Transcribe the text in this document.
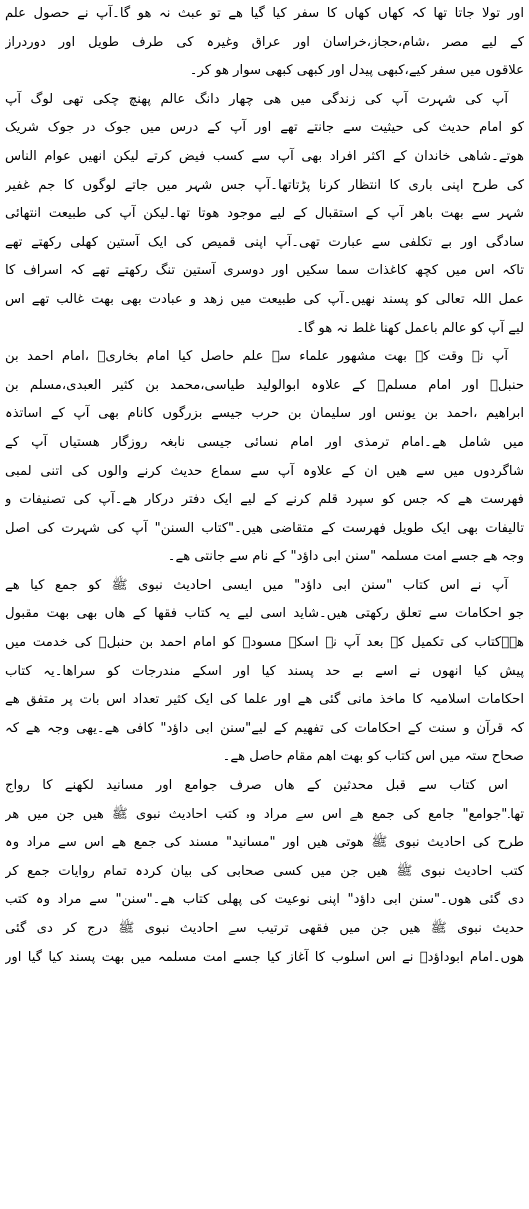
اور تولا جاتا تھا کہ کھاں کھاں کا سفر کیا گیا ھے تو عبث نہ ھو گا۔آپ نے حصول علم
کے لیے مصر ،شام،حجاز،خراسان اور عراق وغیرہ کی طرف طویل اور دوردراز
علاقوں میں سفر کیے،کبھی پیدل اور کبھی کبھی سوار ھو کر۔
آپ کی شہرت آپ کی زندگی میں ھی چھار دانگ عالم پھنچ چکی تھی لوگ آپ
کو امام حدیث کی حیثیت سے جانتے تھے اور آپ کے درس میں جوک در جوک شریک
ھوتے۔شاھی خاندان کے اکثر افراد بھی آپ سے کسب فیض کرتے لیکن انھیں عوام الناس
کی طرح اپنی باری کا انتظار کرنا پڑتاتھا۔آپ جس شہر میں جاتے لوگوں کا جم غفیر
شہر سے بھت باھر آپ کے استقبال کے لیے موجود ھوتا تھا۔لیکن آپ کی طبیعت انتھائی
سادگی اور بے تکلفی سے عبارت تھی۔آپ اپنی قمیص کی ایک آستین کھلی رکھتے تھے
تاکہ اس میں کچھ کاغذات سما سکیں اور دوسری آستین تنگ رکھتے تھے کہ اسراف کا
عمل اللہ تعالی کو پسند نھیں۔آپ کی طبیعت میں زھد و عبادت بھی بھت غالب تھے اس
لیے آپ کو عالم باعمل کھنا غلط نہ ھو گا۔
آپ نے وقت کے بھت مشھور علماء سے علم حاصل کیا امام بخاریؒ ،امام احمد بن
حنبلؒ اور امام مسلمؒ کے علاوہ ابوالولید طیاسی،محمد بن کثیر العبدی،مسلم بن
ابراھیم ،احمد بن یونس اور سلیمان بن حرب جیسے بزرگوں کانام بھی آپ کے اساتذہ
میں شامل ھے۔امام ترمذی اور امام نسائی جیسی نابغہ روزگار ھستیاں آپ کے
شاگردوں میں سے ھیں ان کے علاوہ آپ سے سماع حدیث کرنے والوں کی اتنی لمبی
فھرست ھے کہ جس کو سپرد قلم کرنے کے لیے ایک دفتر درکار ھے۔آپ کی تصنیفات و
تالیفات بھی ایک طویل فھرست کے متقاضی ھیں۔"کتاب السنن" آپ کی شہرت کی اصل
وجہ ھے جسے امت مسلمہ "سنن ابی داؤد" کے نام سے جانتی ھے۔
آپ نے اس کتاب "سنن ابی داؤد" میں ایسی احادیث نبوی ﷺ کو جمع کیا ھے
جو احکامات سے تعلق رکھتی ھیں۔شاید اسی لیے یہ کتاب فقھا کے ھاں بھی بھت مقبول
ھے۔کتاب کی تکمیل کے بعد آپ نے اسکے مسودے کو امام احمد بن حنبلؒ کی خدمت میں
پیش کیا انھوں نے اسے بے حد پسند کیا اور اسکے مندرجات کو سراھا۔یہ کتاب
احکامات اسلامیہ کا ماخذ مانی گئی ھے اور علما کی ایک کثیر تعداد اس بات پر متفق ھے
کہ قرآن و سنت کے احکامات کی تفھیم کے لیے"سنن ابی داؤد" کافی ھے۔یھی وجہ ھے کہ
صحاح ستہ میں اس کتاب کو بھت اھم مقام حاصل ھے۔
اس کتاب سے قبل محدثین کے ھاں صرف جوامع اور مسانید لکھنے کا رواج
تھا۔"جوامع" جامع کی جمع ھے اس سے مراد وہ کتب احادیث نبوی ﷺ ھیں جن میں ھر
طرح کی احادیث نبوی ﷺ ھوتی ھیں اور "مسانید" مسند کی جمع ھے اس سے مراد وہ
کتب احادیث نبوی ﷺ ھیں جن میں کسی صحابی کی بیان کردہ تمام روایات جمع کر
دی گئی ھوں۔"سنن ابی داؤد" اپنی نوعیت کی پھلی کتاب ھے۔"سنن" سے مراد وہ کتب
حدیث نبوی ﷺ ھیں جن میں فقھی ترتیب سے احادیث نبوی ﷺ درج کر دی گئی
ھوں۔امام ابوداؤدؒ نے اس اسلوب کا آغاز کیا جسے امت مسلمہ میں بھت پسند کیا گیا اور
